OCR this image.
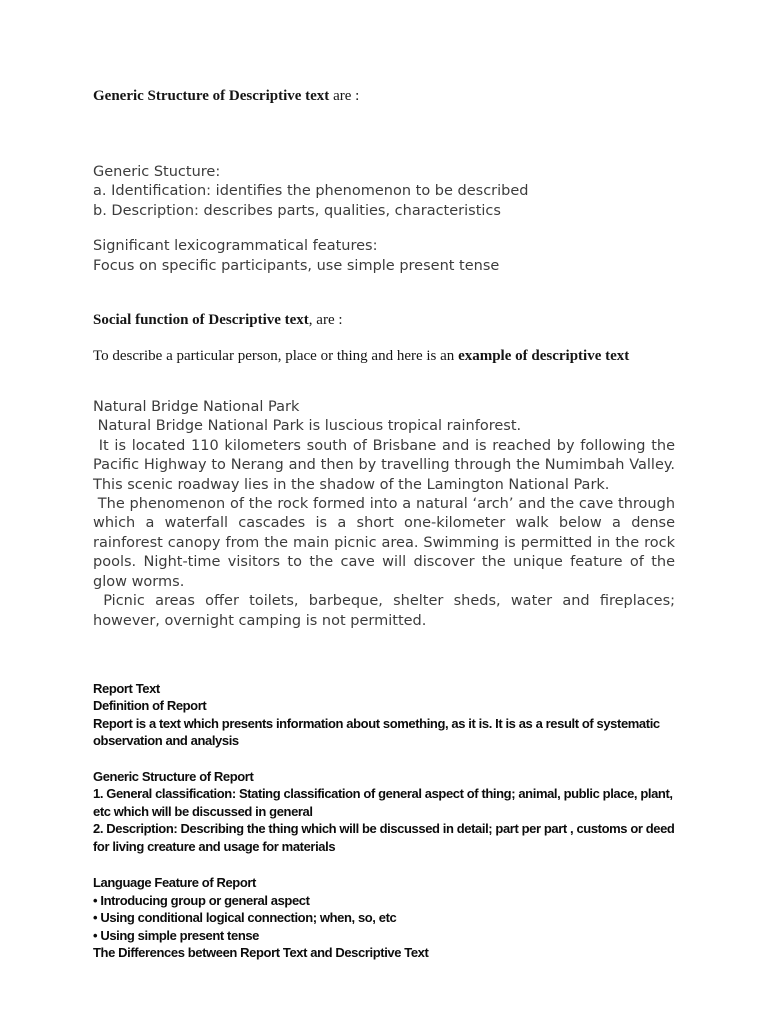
Generic Structure of Descriptive text are :
Generic Stucture:
a. Identification: identifies the phenomenon to be described
b. Description: describes parts, qualities, characteristics
Significant lexicogrammatical features:
Focus on specific participants, use simple present tense
Social function of Descriptive text, are :
To describe a particular person, place or thing and here is an example of descriptive text

Natural Bridge National Park

Natural Bridge National Park is luscious tropical rainforest.

It is located 110 kilometers south of Brisbane and is reached by following the Pacific Highway to Nerang and then by travelling through the Numimbah Valley. This scenic roadway lies in the shadow of the Lamington National Park.

The phenomenon of the rock formed into a natural ‘arch’ and the cave through which a waterfall cascades is a short one-kilometer walk below a dense rainforest canopy from the main picnic area. Swimming is permitted in the rock pools. Night-time visitors to the cave will discover the unique feature of the glow worms.

Picnic areas offer toilets, barbeque, shelter sheds, water and fireplaces; however, overnight camping is not permitted.

Report Text
Definition of Report
Report is a text which presents information about something, as it is. It is as a result of systematic observation and analysis
Generic Structure of Report
1. General classification: Stating classification of general aspect of thing; animal, public place, plant, etc which will be discussed in general
2. Description: Describing the thing which will be discussed in detail; part per part , customs or deed for living creature and usage for materials
Language Feature of Report
• Introducing group or general aspect
• Using conditional logical connection; when, so, etc
• Using simple present tense
The Differences between Report Text and Descriptive Text
